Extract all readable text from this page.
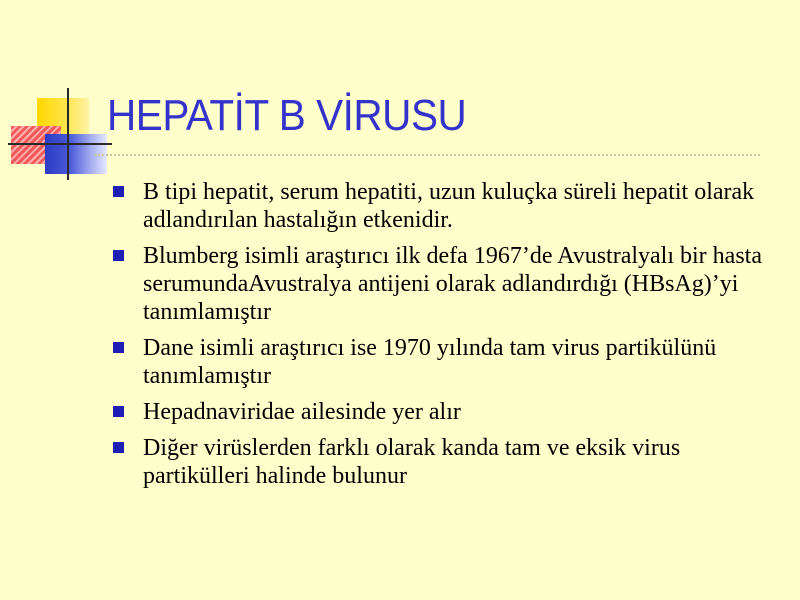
HEPATİT B VİRUSU
B tipi hepatit, serum hepatiti, uzun kuluçka süreli hepatit olarak adlandırılan hastalığın etkenidir.
Blumberg isimli araştırıcı ilk defa 1967’de Avustralyalı bir hasta serumundaAvustralya antijeni olarak adlandırdığı (HBsAg)’yi tanımlamıştır
Dane isimli araştırıcı ise 1970 yılında tam virus partikülünü tanımlamıştır
Hepadnaviridae ailesinde yer alır
Diğer virüslerden farklı olarak kanda tam ve eksik virus partikülleri halinde bulunur
